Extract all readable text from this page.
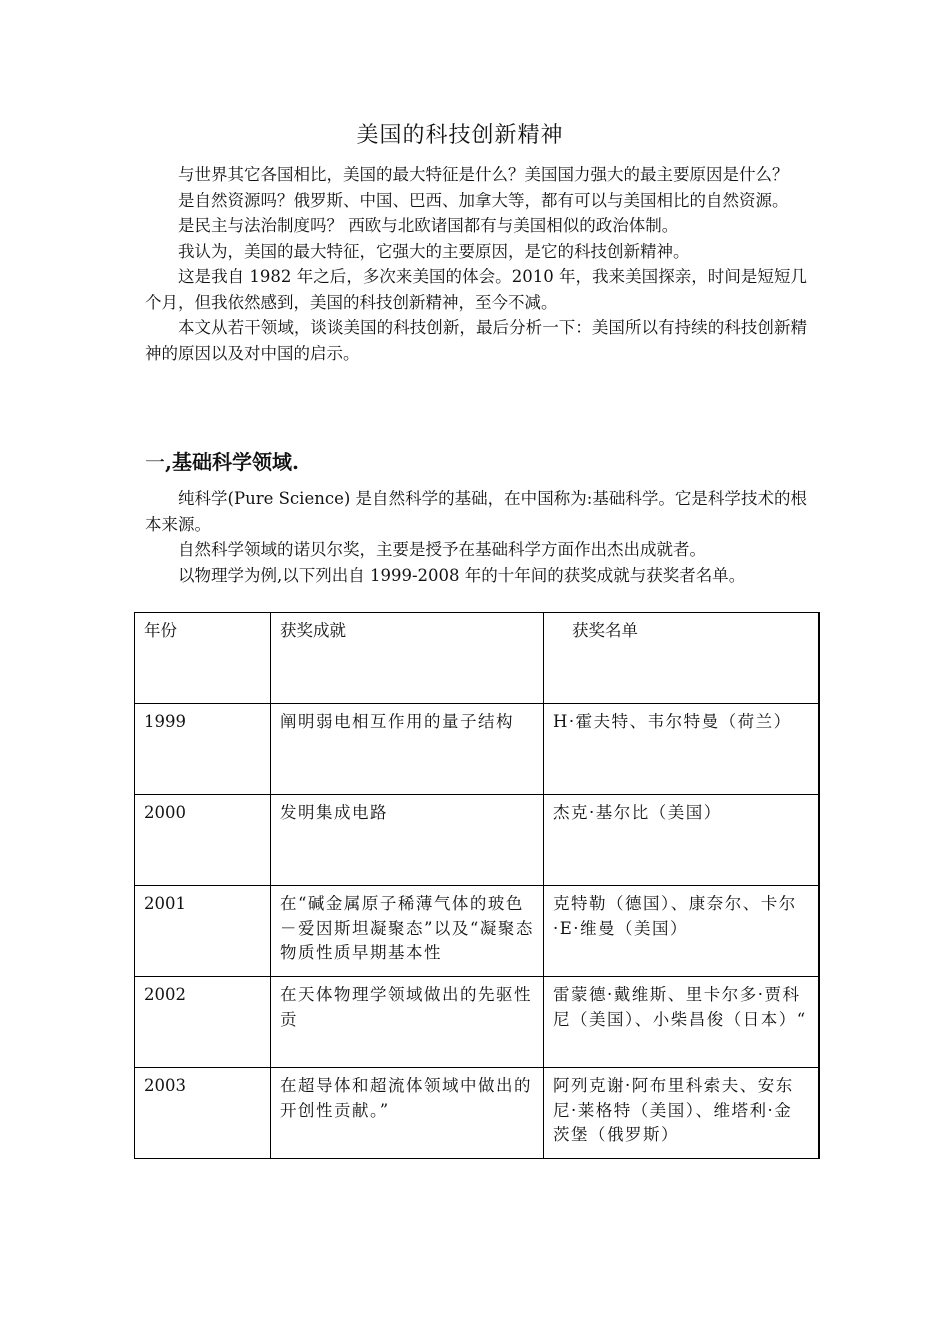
美国的科技创新精神

与世界其它各国相比，美国的最大特征是什么？美国国力强大的最主要原因是什么？

是自然资源吗？俄罗斯、中国、巴西、加拿大等，都有可以与美国相比的自然资源。

是民主与法治制度吗？ 西欧与北欧诸国都有与美国相似的政治体制。

我认为，美国的最大特征，它强大的主要原因，是它的科技创新精神。

这是我自 1982 年之后，多次来美国的体会。2010 年，我来美国探亲，时间是短短几个月，但我依然感到，美国的科技创新精神，至今不减。

本文从若干领域，谈谈美国的科技创新，最后分析一下：美国所以有持续的科技创新精神的原因以及对中国的启示。

一,基础科学领域.

纯科学(Pure Science) 是自然科学的基础，在中国称为:基础科学。它是科学技术的根本来源。

自然科学领域的诺贝尔奖，主要是授予在基础科学方面作出杰出成就者。

以物理学为例,以下列出自 1999-2008 年的十年间的获奖成就与获奖者名单。

年份	获奖成就	获奖名单
1999	阐明弱电相互作用的量子结构	H·霍夫特、韦尔特曼（荷兰）
2000	发明集成电路	杰克·基尔比（美国）
2001	在“碱金属原子稀薄气体的玻色－爱因斯坦凝聚态”以及“凝聚态物质性质早期基本性	克特勒（德国）、康奈尔、卡尔·E·维曼（美国）
2002	在天体物理学领域做出的先驱性贡	雷蒙德·戴维斯、里卡尔多·贾科尼（美国）、小柴昌俊（日本）“
2003	在超导体和超流体领域中做出的开创性贡献。”	阿列克谢·阿布里科索夫、安东尼·莱格特（美国）、维塔利·金茨堡（俄罗斯）
